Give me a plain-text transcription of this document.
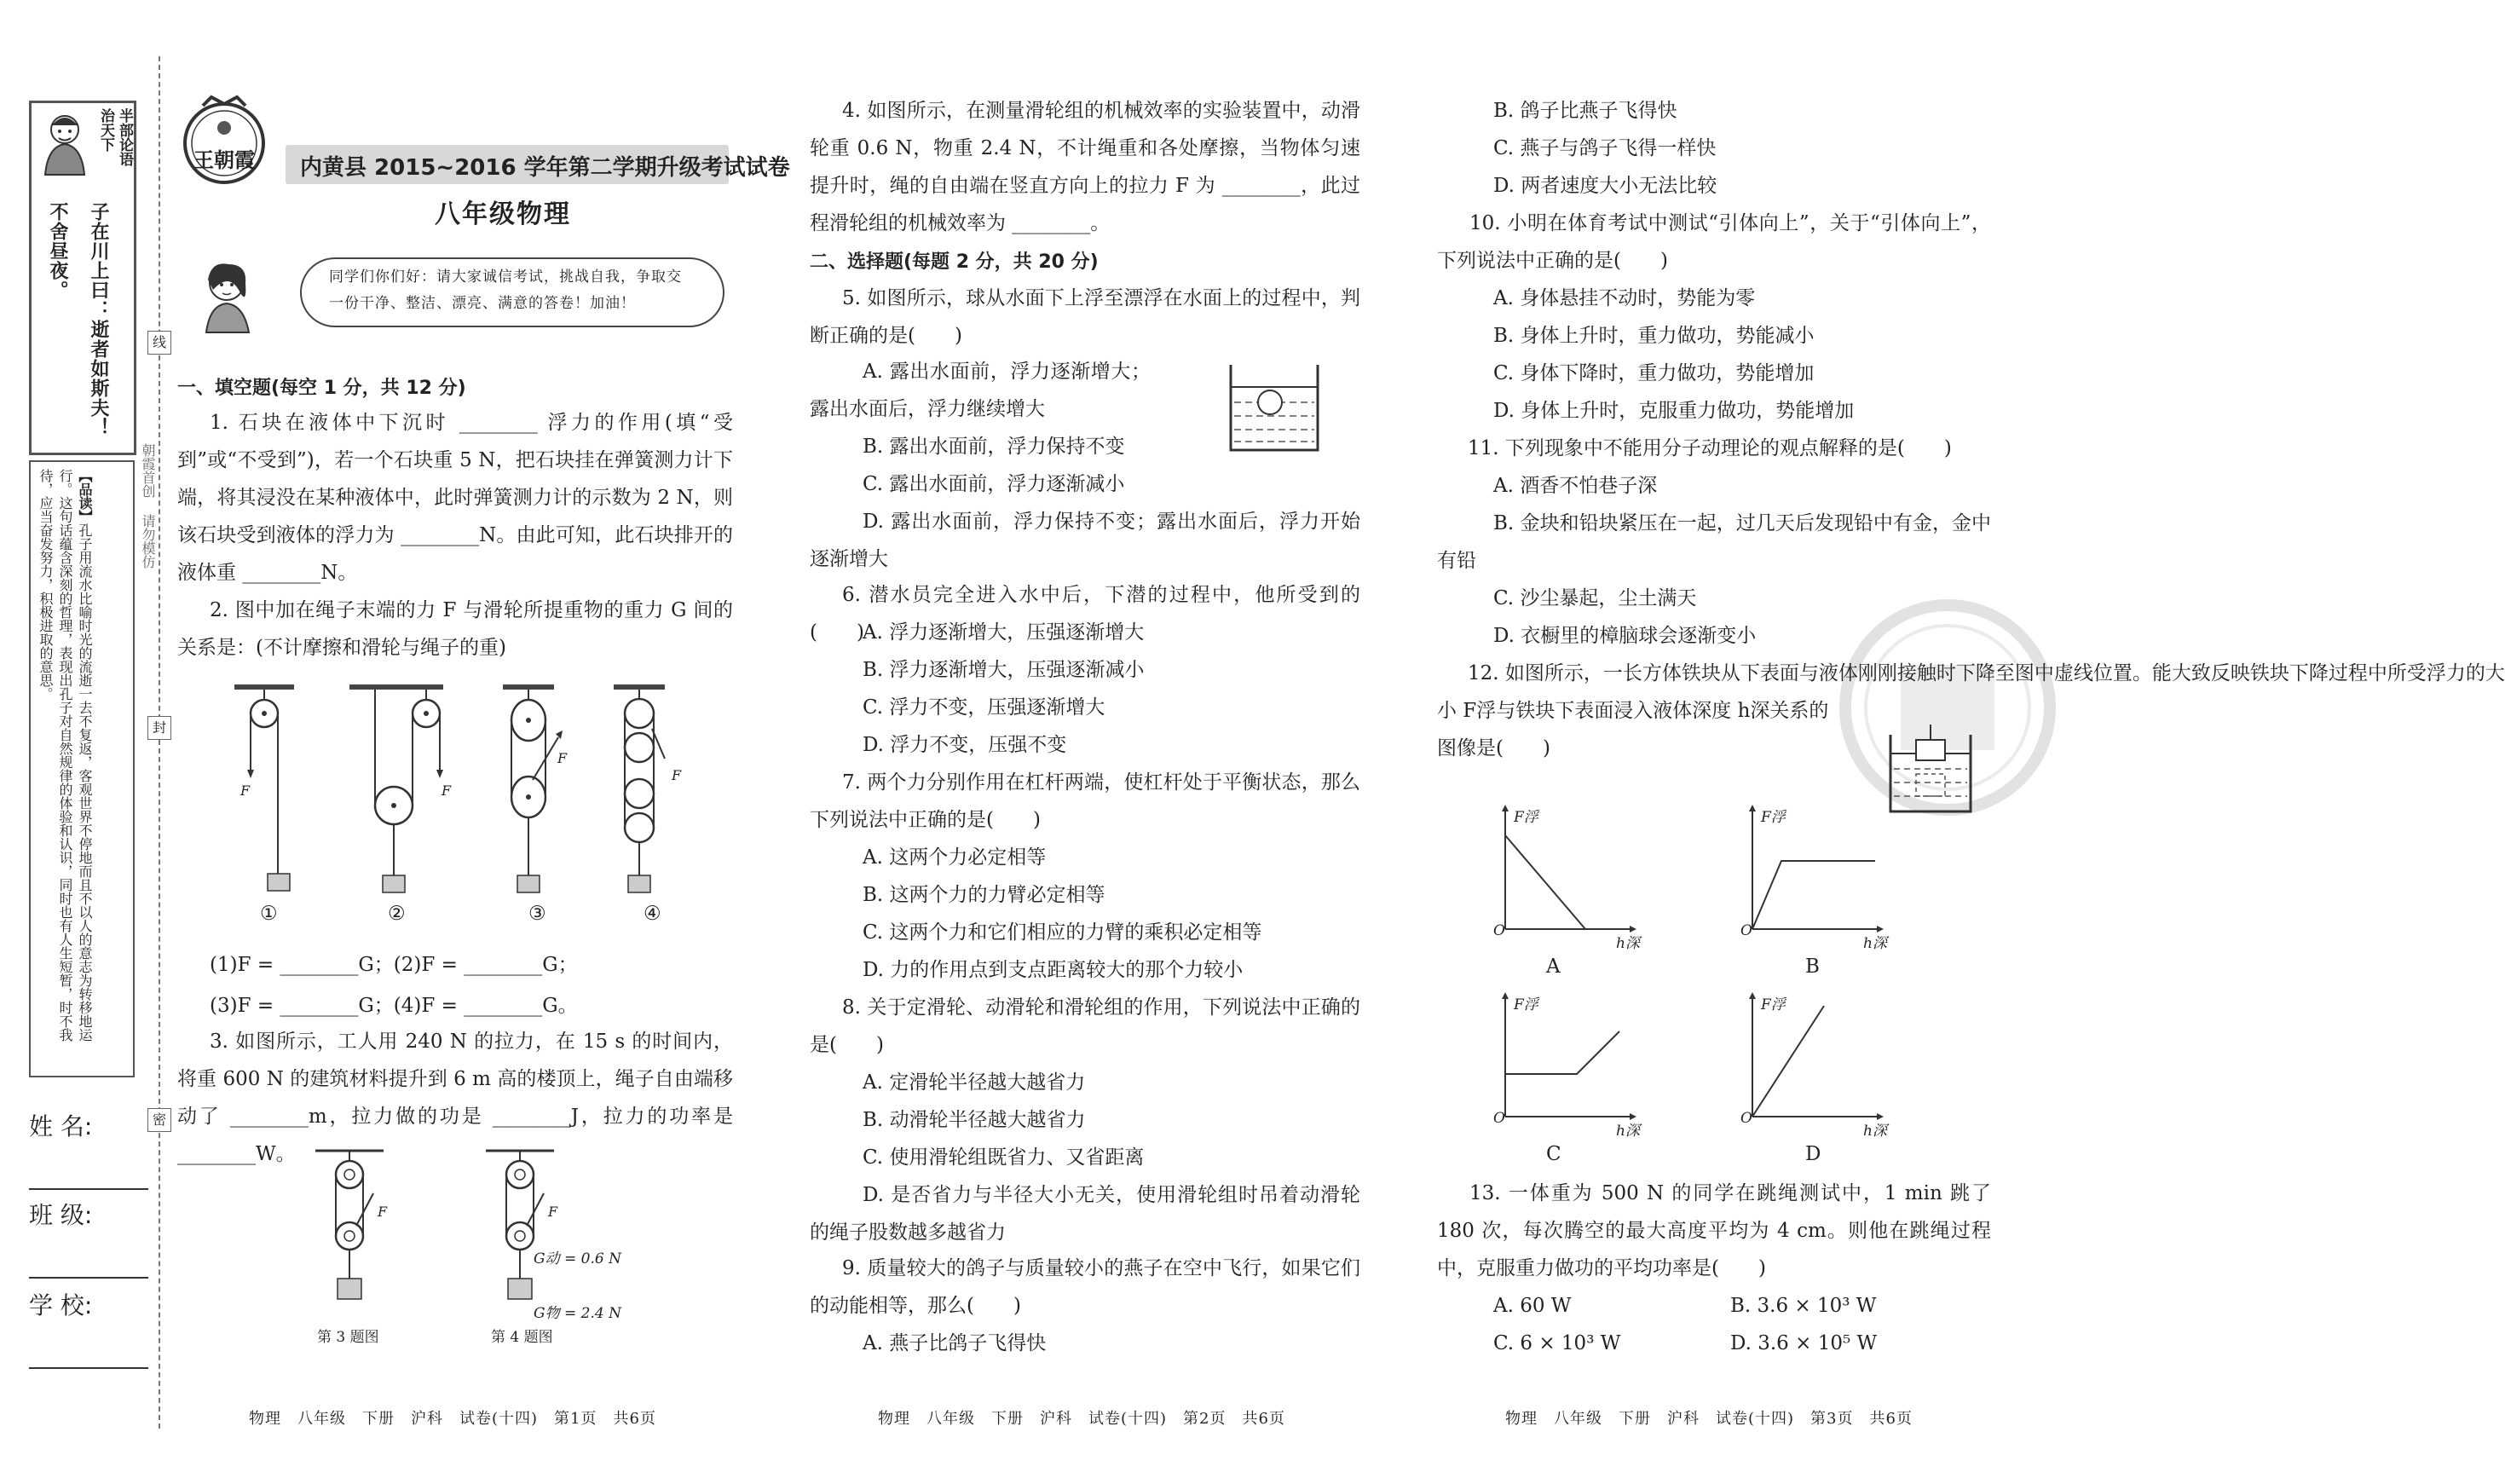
半部论语 治天下
子在川上曰：逝者如斯夫！不舍昼夜。
【品读】孔子用流水比喻时光的流逝一去不复返，客观世界不停地而且不以人的意志为转移地运行。这句话蕴含深刻的哲理，表现出孔子对自然规律的体验和认识，同时也有人生短暂，时不我待，应当奋发努力，积极进取的意思。	朝霞首创 请勿模仿
姓 名:
班 级:
学 校:
线
封
密
王朝霞 内黄县 2015~2016 学年第二学期升级考试试卷
八年级物理
同学们你们好：请大家诚信考试，挑战自我，争取交一份干净、整洁、漂亮、满意的答卷！加油！
一、填空题(每空 1 分，共 12 分)
1. 石块在液体中下沉时 ________ 浮力的作用(填“受到”或“不受到”)，若一个石块重 5 N，把石块挂在弹簧测力计下端，将其浸没在某种液体中，此时弹簧测力计的示数为 2 N，则该石块受到液体的浮力为 ________N。由此可知，此石块排开的液体重 ________N。
2. 图中加在绳子末端的力 F 与滑轮所提重物的重力 G 间的关系是：(不计摩擦和滑轮与绳子的重)
F	F
F
F
①	②	③	④
(1)F = ________G；(2)F = ________G；
(3)F = ________G；(4)F = ________G。
3. 如图所示，工人用 240 N 的拉力，在 15 s 的时间内，将重 600 N 的建筑材料提升到 6 m 高的楼顶上，绳子自由端移动了 ________m，拉力做的功是 ________J，拉力的功率是 ________W。
F	F
G动 = 0.6 N
G物 = 2.4 N
第 3 题图	第 4 题图
物理　八年级　下册　沪科　试卷(十四)　第1页　共6页
4. 如图所示，在测量滑轮组的机械效率的实验装置中，动滑轮重 0.6 N，物重 2.4 N，不计绳重和各处摩擦，当物体匀速提升时，绳的自由端在竖直方向上的拉力 F 为 ________，此过程滑轮组的机械效率为 ________。
二、选择题(每题 2 分，共 20 分)
5. 如图所示，球从水面下上浮至漂浮在水面上的过程中，判断正确的是(　　)
A. 露出水面前，浮力逐渐增大；露出水面后，浮力继续增大
B. 露出水面前，浮力保持不变
C. 露出水面前，浮力逐渐减小
D. 露出水面前，浮力保持不变；露出水面后，浮力开始逐渐增大
6. 潜水员完全进入水中后，下潜的过程中，他所受到的(　　)
A. 浮力逐渐增大，压强逐渐增大
B. 浮力逐渐增大，压强逐渐减小
C. 浮力不变，压强逐渐增大
D. 浮力不变，压强不变
7. 两个力分别作用在杠杆两端，使杠杆处于平衡状态，那么下列说法中正确的是(　　)
A. 这两个力必定相等
B. 这两个力的力臂必定相等
C. 这两个力和它们相应的力臂的乘积必定相等
D. 力的作用点到支点距离较大的那个力较小
8. 关于定滑轮、动滑轮和滑轮组的作用，下列说法中正确的是(　　)
A. 定滑轮半径越大越省力
B. 动滑轮半径越大越省力
C. 使用滑轮组既省力、又省距离
D. 是否省力与半径大小无关，使用滑轮组时吊着动滑轮的绳子股数越多越省力
9. 质量较大的鸽子与质量较小的燕子在空中飞行，如果它们的动能相等，那么(　　)
A. 燕子比鸽子飞得快
物理　八年级　下册　沪科　试卷(十四)　第2页　共6页
B. 鸽子比燕子飞得快
C. 燕子与鸽子飞得一样快
D. 两者速度大小无法比较
10. 小明在体育考试中测试“引体向上”，关于“引体向上”，下列说法中正确的是(　　)
A. 身体悬挂不动时，势能为零
B. 身体上升时，重力做功，势能减小
C. 身体下降时，重力做功，势能增加
D. 身体上升时，克服重力做功，势能增加
11. 下列现象中不能用分子动理论的观点解释的是(　　)
A. 酒香不怕巷子深
B. 金块和铅块紧压在一起，过几天后发现铅中有金，金中有铅
C. 沙尘暴起，尘土满天
D. 衣橱里的樟脑球会逐渐变小
12. 如图所示，一长方体铁块从下表面与液体刚刚接触时下降至图中虚线位置。能大致反映铁块下降过程中所受浮力的大
小 F浮与铁块下表面浸入液体深度 h深关系的
图像是(　　)
F浮
O
h深
F浮
O
h深
F浮
O
h深
F浮
O
h深
A	B
C	D
13. 一体重为 500 N 的同学在跳绳测试中，1 min 跳了 180 次，每次腾空的最大高度平均为 4 cm。则他在跳绳过程中，克服重力做功的平均功率是(　　)
A. 60 W	B. 3.6 × 10³ W
C. 6 × 10³ W	D. 3.6 × 10⁵ W
物理　八年级　下册　沪科　试卷(十四)　第3页　共6页
